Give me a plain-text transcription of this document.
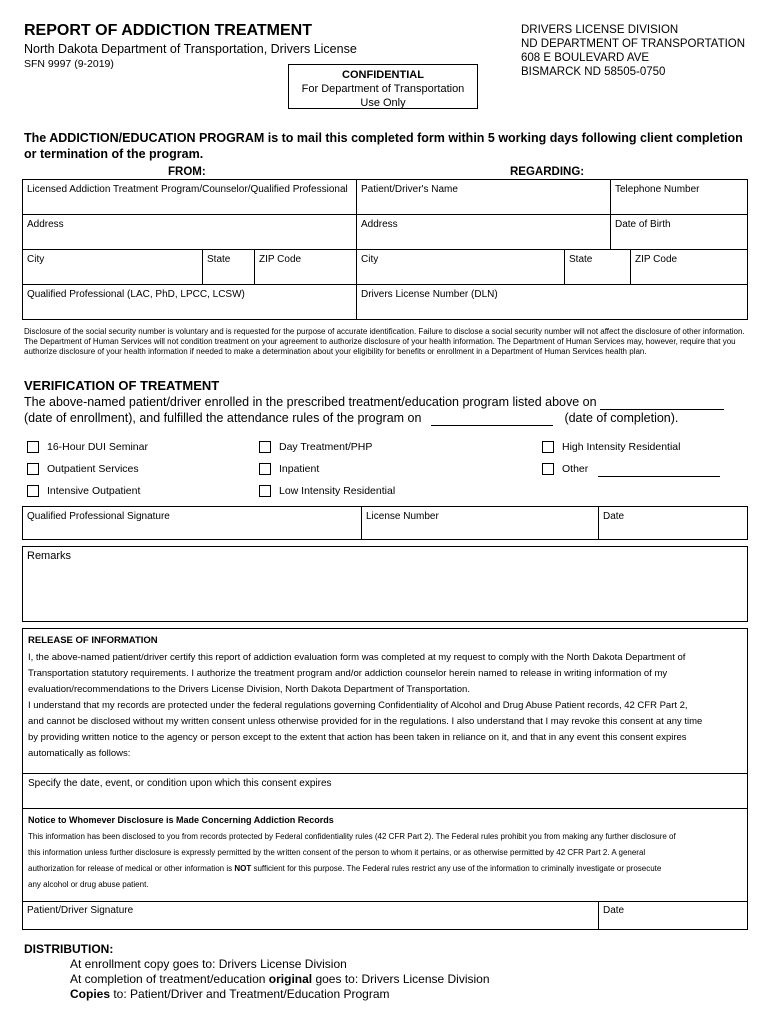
REPORT OF ADDICTION TREATMENT
North Dakota Department of Transportation, Drivers License
SFN 9997 (9-2019)
CONFIDENTIAL
For Department of Transportation
Use Only
DRIVERS LICENSE DIVISION
ND DEPARTMENT OF TRANSPORTATION
608 E BOULEVARD AVE
BISMARCK ND 58505-0750
The ADDICTION/EDUCATION PROGRAM is to mail this completed form within 5 working days following client completion or termination of the program.
FROM:	REGARDING:
Licensed Addiction Treatment Program/Counselor/Qualified Professional	Patient/Driver's Name	Telephone Number
Address	Address	Date of Birth
City	State	ZIP Code	City	State	ZIP Code
Qualified Professional (LAC, PhD, LPCC, LCSW)	Drivers License Number (DLN)
Disclosure of the social security number is voluntary and is requested for the purpose of accurate identification. Failure to disclose a social security number will not affect the disclosure of other information. The Department of Human Services will not condition treatment on your agreement to authorize disclosure of your health information. The Department of Human Services may, however, require that you authorize disclosure of your health information if needed to make a determination about your eligibility for benefits or enrollment in a Department of Human Services health plan.
VERIFICATION OF TREATMENT
The above-named patient/driver enrolled in the prescribed treatment/education program listed above on
(date of enrollment), and fulfilled the attendance rules of the program on	(date of completion).
16-Hour DUI Seminar
Outpatient Services
Intensive Outpatient
Day Treatment/PHP
Inpatient
Low Intensity Residential
High Intensity Residential
Other
Qualified Professional Signature	License Number	Date
Remarks
RELEASE OF INFORMATION
I, the above-named patient/driver certify this report of addiction evaluation form was completed at my request to comply with the North Dakota Department of
Transportation statutory requirements. I authorize the treatment program and/or addiction counselor herein named to release in writing information of my
evaluation/recommendations to the Drivers License Division, North Dakota Department of Transportation.
I understand that my records are protected under the federal regulations governing Confidentiality of Alcohol and Drug Abuse Patient records, 42 CFR Part 2,
and cannot be disclosed without my written consent unless otherwise provided for in the regulations. I also understand that I may revoke this consent at any time
by providing written notice to the agency or person except to the extent that action has been taken in reliance on it, and that in any event this consent expires
automatically as follows:
Specify the date, event, or condition upon which this consent expires
Notice to Whomever Disclosure is Made Concerning Addiction Records
This information has been disclosed to you from records protected by Federal confidentiality rules (42 CFR Part 2). The Federal rules prohibit you from making any further disclosure of
this information unless further disclosure is expressly permitted by the written consent of the person to whom it pertains, or as otherwise permitted by 42 CFR Part 2. A general
authorization for release of medical or other information is NOT sufficient for this purpose. The Federal rules restrict any use of the information to criminally investigate or prosecute
any alcohol or drug abuse patient.
Patient/Driver Signature	Date
DISTRIBUTION:
At enrollment copy goes to: Drivers License Division
At completion of treatment/education original goes to: Drivers License Division
Copies to: Patient/Driver and Treatment/Education Program
